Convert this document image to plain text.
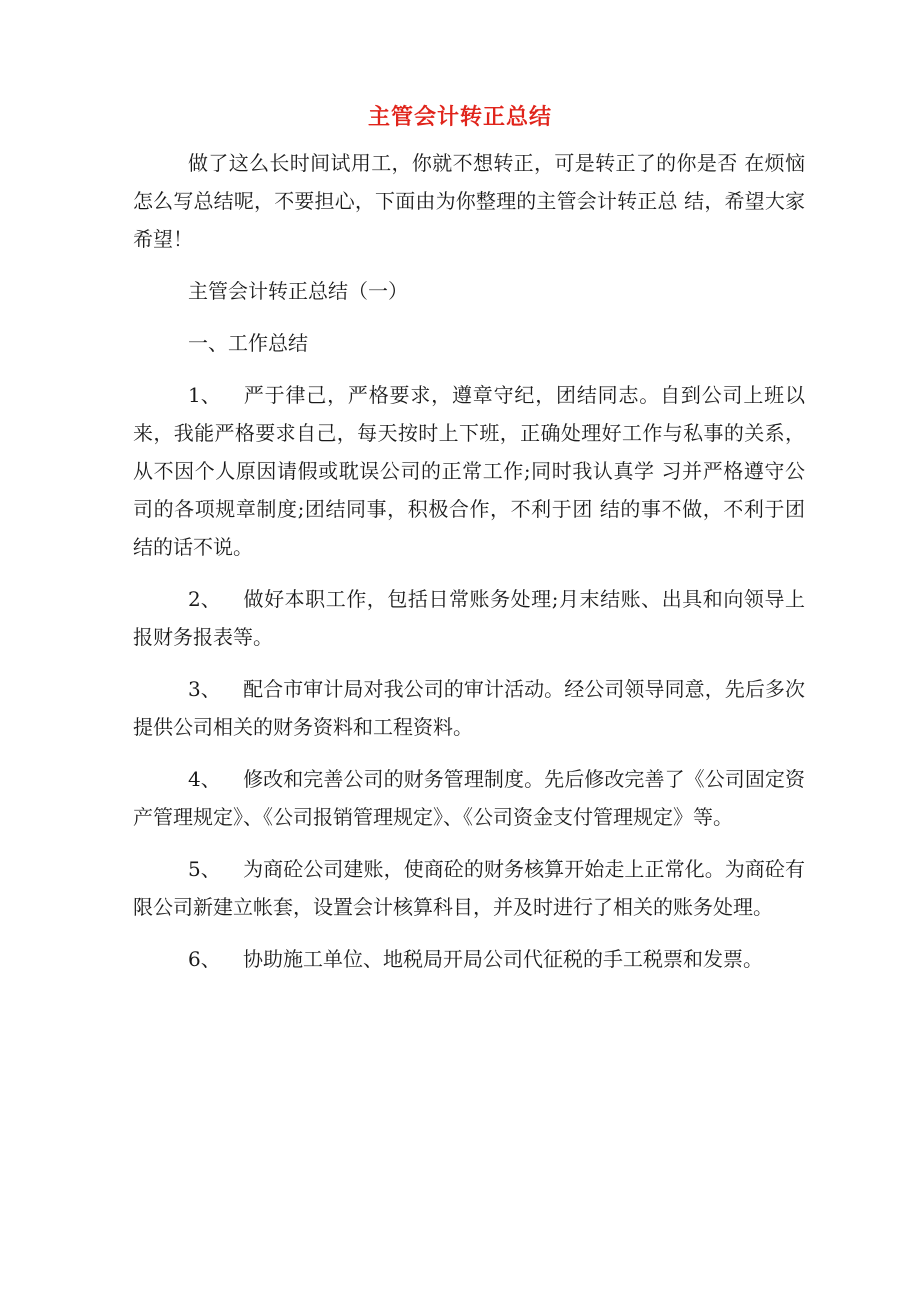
主管会计转正总结

做了这么长时间试用工，你就不想转正，可是转正了的你是否 在烦恼怎么写总结呢，不要担心，下面由为你整理的主管会计转正总 结，希望大家希望！

主管会计转正总结（一）

一、工作总结

1、 严于律己，严格要求，遵章守纪，团结同志。自到公司上班以来，我能严格要求自己，每天按时上下班，正确处理好工作与私事的关系，从不因个人原因请假或耽误公司的正常工作;同时我认真学 习并严格遵守公司的各项规章制度;团结同事，积极合作，不利于团 结的事不做，不利于团结的话不说。

2、 做好本职工作，包括日常账务处理;月末结账、出具和向领导上报财务报表等。

3、 配合市审计局对我公司的审计活动。经公司领导同意，先后多次提供公司相关的财务资料和工程资料。

4、 修改和完善公司的财务管理制度。先后修改完善了《公司固定资产管理规定》、《公司报销管理规定》、《公司资金支付管理规定》等。

5、 为商砼公司建账，使商砼的财务核算开始走上正常化。为商砼有限公司新建立帐套，设置会计核算科目，并及时进行了相关的账务处理。

6、 协助施工单位、地税局开局公司代征税的手工税票和发票。
